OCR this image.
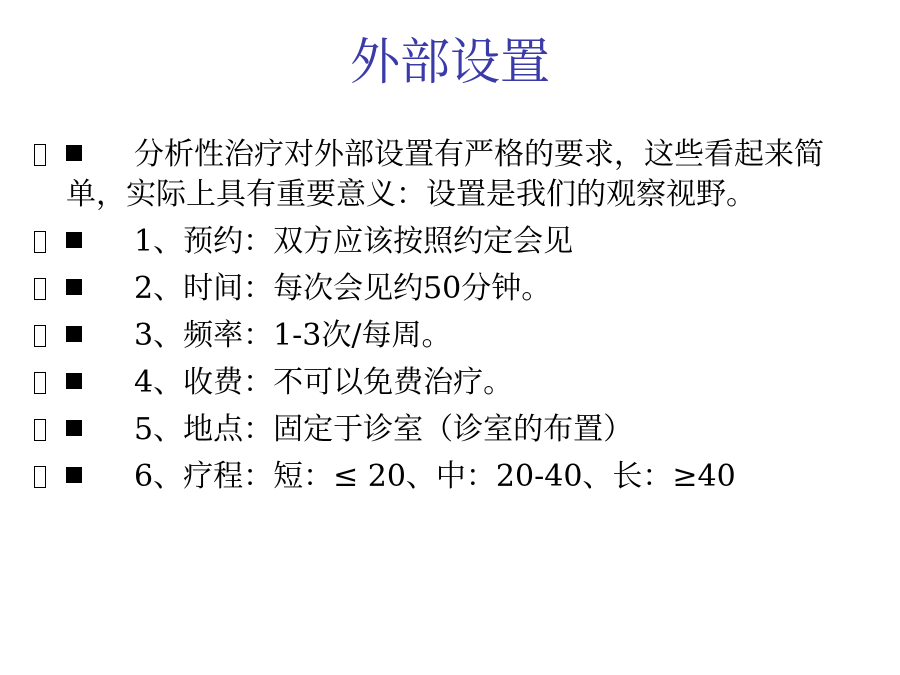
外部设置
分析性治疗对外部设置有严格的要求，这些看起来简单，实际上具有重要意义：设置是我们的观察视野。
1、预约：双方应该按照约定会见
2、时间：每次会见约50分钟。
3、频率：1-3次/每周。
4、收费：不可以免费治疗。
5、地点：固定于诊室（诊室的布置）
6、疗程：短：≤ 20、中：20-40、长：≥40
